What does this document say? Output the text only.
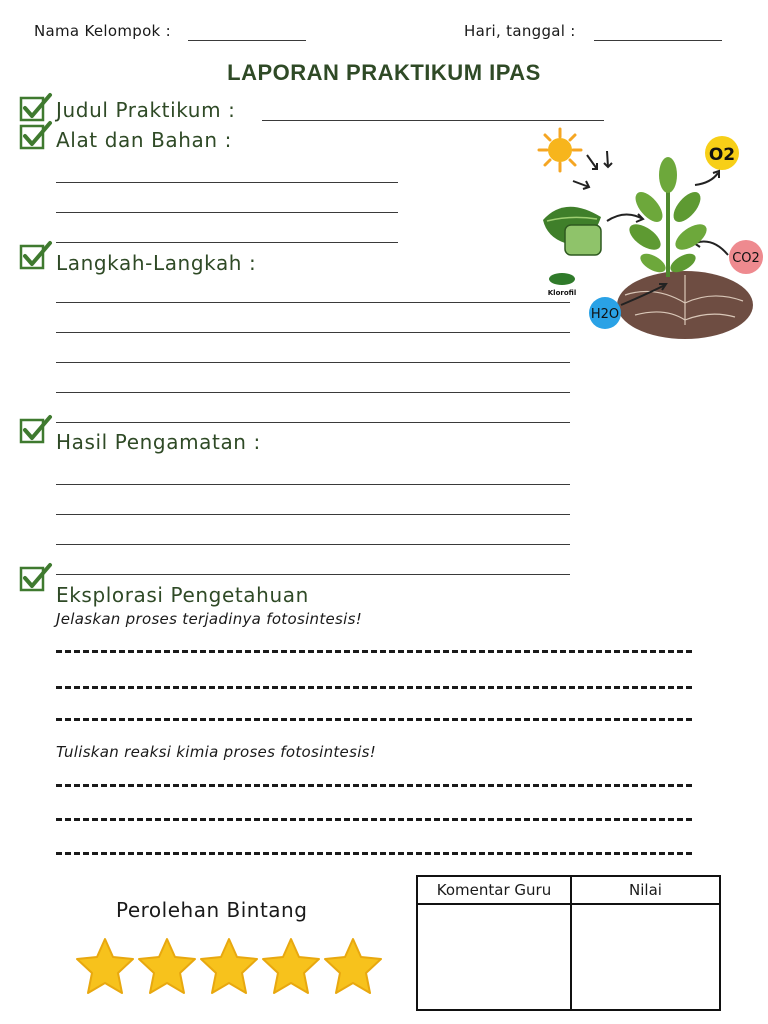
Nama Kelompok :	Hari, tanggal :
LAPORAN PRAKTIKUM IPAS
Judul Praktikum :
Alat dan Bahan :
Langkah-Langkah :
Hasil Pengamatan :
Eksplorasi Pengetahuan
Jelaskan proses terjadinya fotosintesis!
Tuliskan reaksi kimia proses fotosintesis!
O2
CO2
Klorofil
H2O
Perolehan Bintang
Komentar Guru	Nilai
